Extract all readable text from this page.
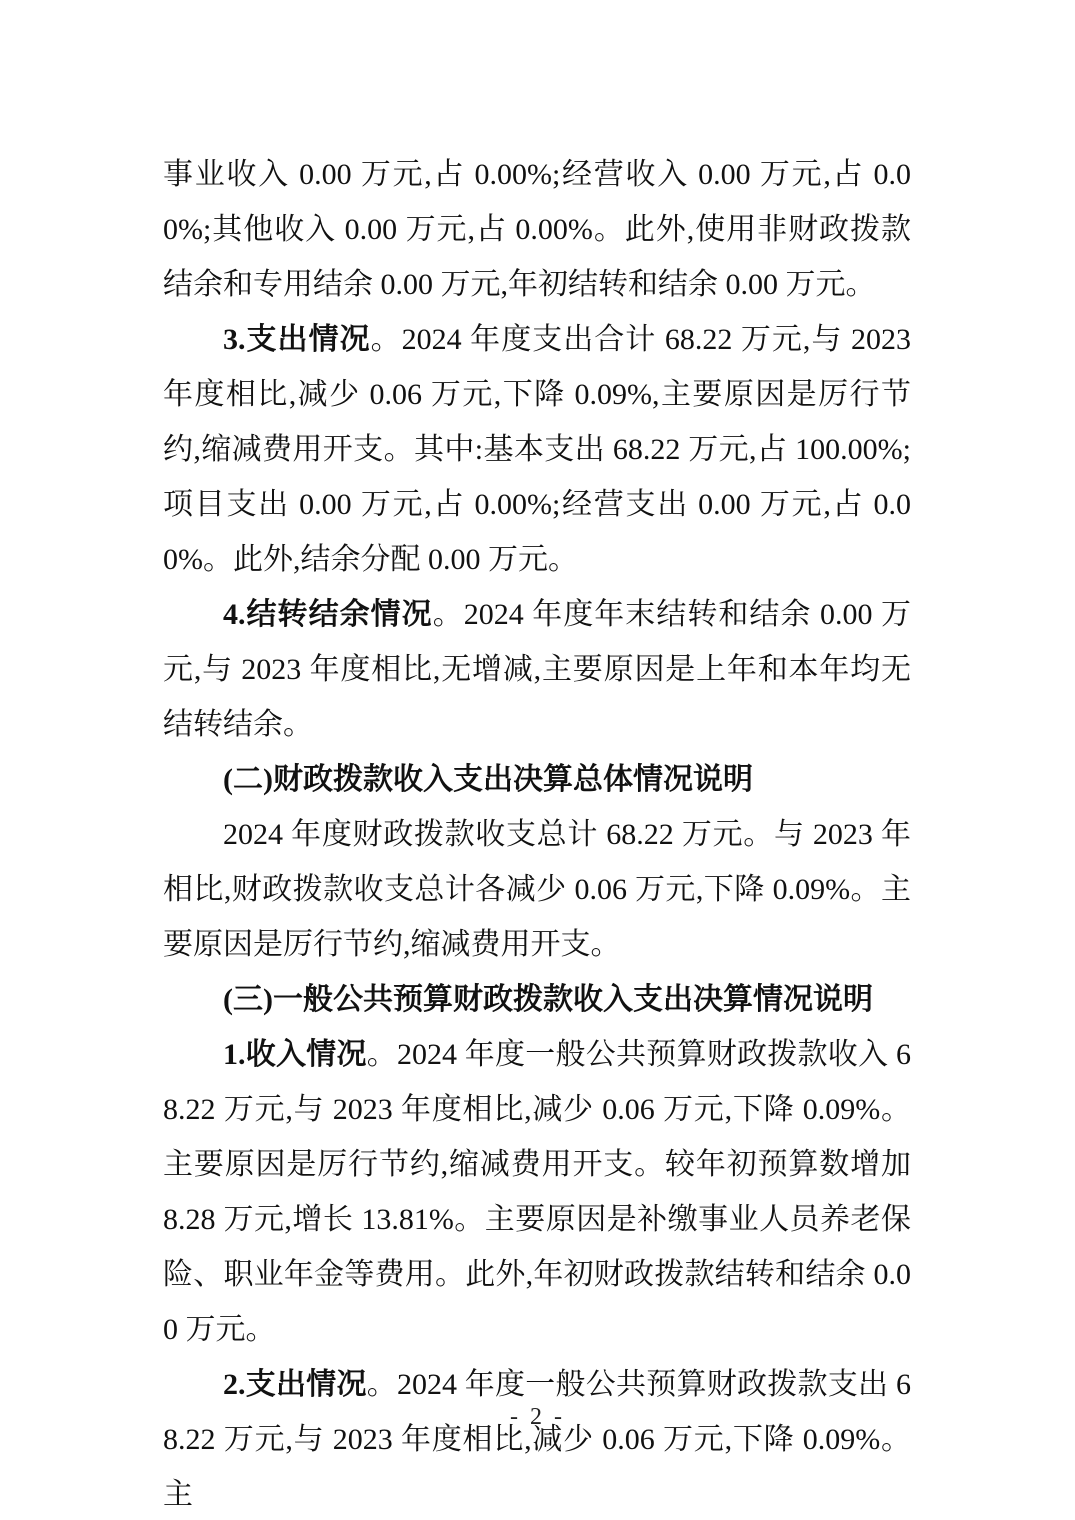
事业收入 0.00 万元,占 0.00%;经营收入 0.00 万元,占 0.00%;其他收入 0.00 万元,占 0.00%。此外,使用非财政拨款结余和专用结余 0.00 万元,年初结转和结余 0.00 万元。

3.支出情况。2024 年度支出合计 68.22 万元,与 2023 年度相比,减少 0.06 万元,下降 0.09%,主要原因是厉行节约,缩减费用开支。其中:基本支出 68.22 万元,占 100.00%;项目支出 0.00 万元,占 0.00%;经营支出 0.00 万元,占 0.00%。此外,结余分配 0.00 万元。

4.结转结余情况。2024 年度年末结转和结余 0.00 万元,与 2023 年度相比,无增减,主要原因是上年和本年均无结转结余。

(二)财政拨款收入支出决算总体情况说明

2024 年度财政拨款收支总计 68.22 万元。与 2023 年相比,财政拨款收支总计各减少 0.06 万元,下降 0.09%。主要原因是厉行节约,缩减费用开支。

(三)一般公共预算财政拨款收入支出决算情况说明

1.收入情况。2024 年度一般公共预算财政拨款收入 68.22 万元,与 2023 年度相比,减少 0.06 万元,下降 0.09%。主要原因是厉行节约,缩减费用开支。较年初预算数增加 8.28 万元,增长 13.81%。主要原因是补缴事业人员养老保险、职业年金等费用。此外,年初财政拨款结转和结余 0.00 万元。

2.支出情况。2024 年度一般公共预算财政拨款支出 68.22 万元,与 2023 年度相比,减少 0.06 万元,下降 0.09%。主

- 2 -
